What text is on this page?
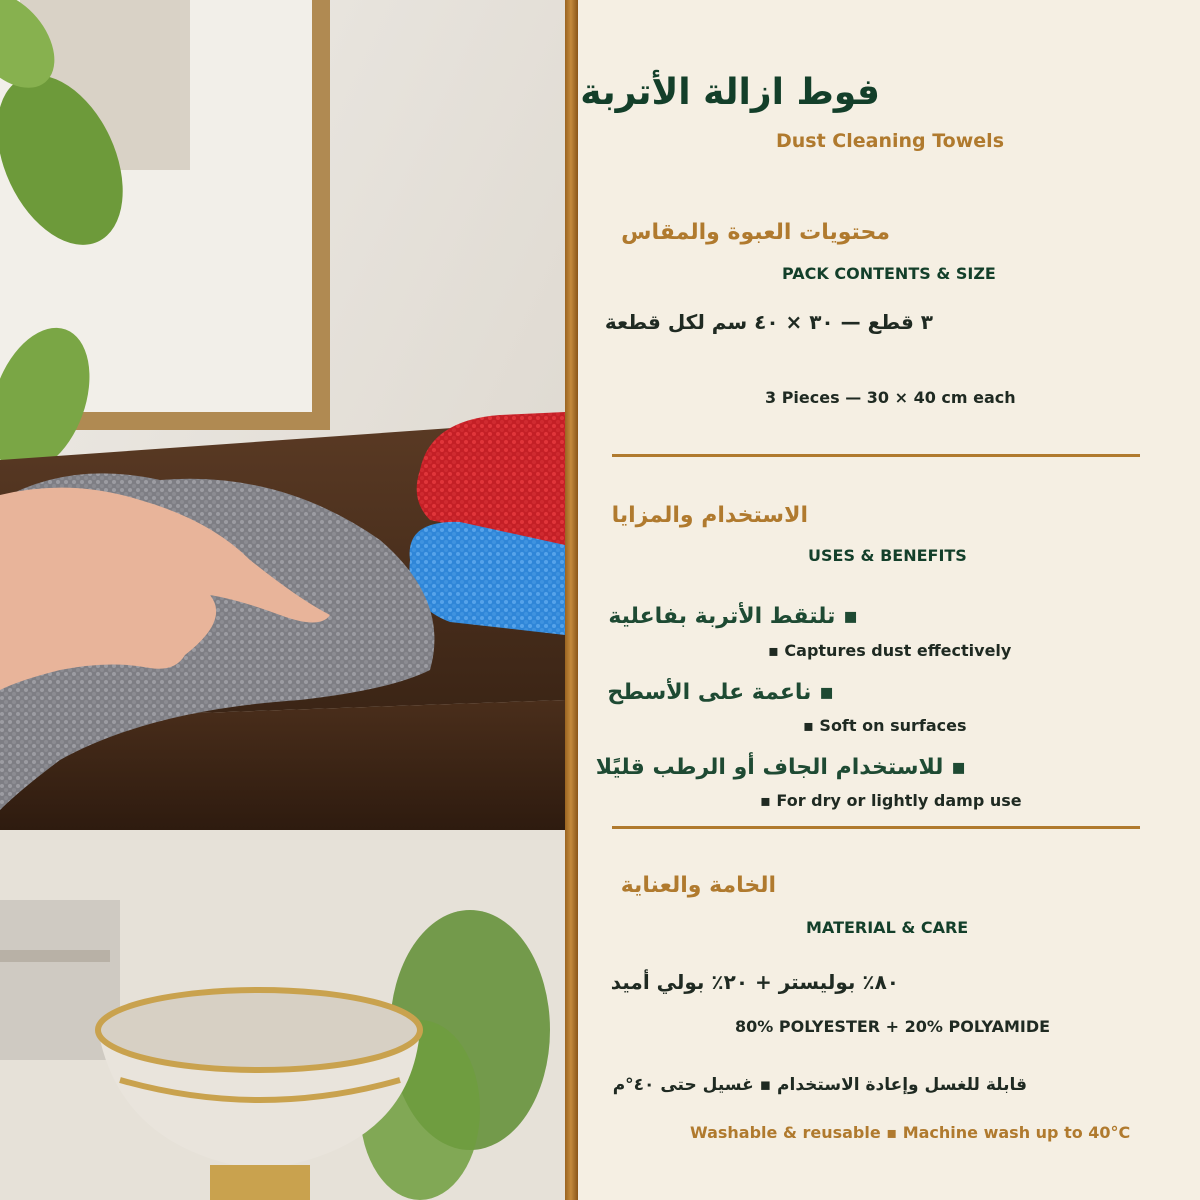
فوط ازالة الأتربة
Dust Cleaning Towels
محتويات العبوة والمقاس
PACK CONTENTS & SIZE
٣ قطع — ٣٠ × ٤٠ سم لكل قطعة
3 Pieces — 30 × 40 cm each
الاستخدام والمزايا
USES & BENEFITS
▪ تلتقط الأتربة بفاعلية
▪ Captures dust effectively
▪ ناعمة على الأسطح
▪ Soft on surfaces
▪ للاستخدام الجاف أو الرطب قليًلا
▪ For dry or lightly damp use
الخامة والعناية
MATERIAL & CARE
٨٠٪ بوليستر + ٢٠٪ بولي أميد
80% POLYESTER + 20% POLYAMIDE
قابلة للغسل وإعادة الاستخدام ▪ غسيل حتى ٤٠°م
Washable & reusable ▪ Machine wash up to 40°C
